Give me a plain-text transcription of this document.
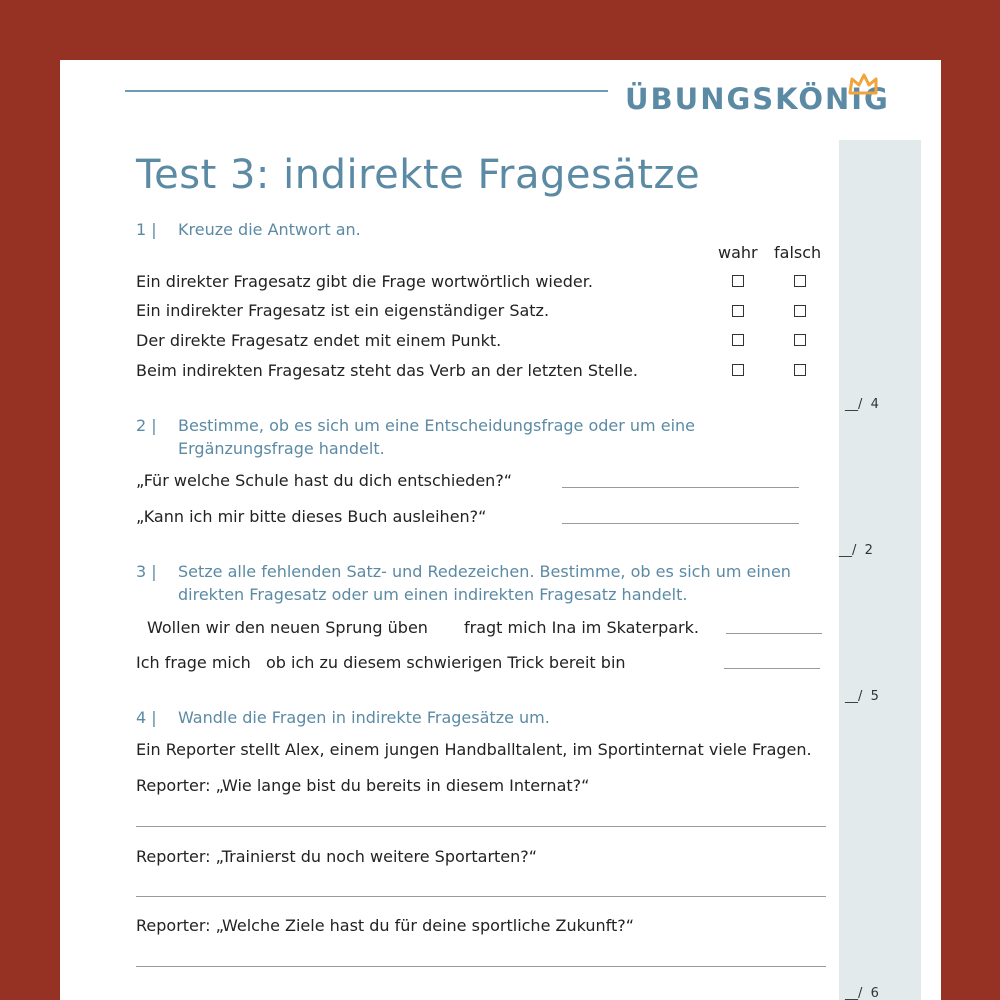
ÜBUNGSKÖNIG
Test 3: indirekte Fragesätze
1 | Kreuze die Antwort an.
wahr falsch
Ein direkter Fragesatz gibt die Frage wortwörtlich wieder.
Ein indirekter Fragesatz ist ein eigenständiger Satz.
Der direkte Fragesatz endet mit einem Punkt.
Beim indirekten Fragesatz steht das Verb an der letzten Stelle.
__/  4
2 | Bestimme, ob es sich um eine Entscheidungsfrage oder um eine Ergänzungsfrage handelt.
„Für welche Schule hast du dich entschieden?“
„Kann ich mir bitte dieses Buch ausleihen?“
__/  2
3 | Setze alle fehlenden Satz- und Redezeichen. Bestimme, ob es sich um einen direkten Fragesatz oder um einen indirekten Fragesatz handelt.
Wollen wir den neuen Sprung üben fragt mich Ina im Skaterpark.
Ich frage mich ob ich zu diesem schwierigen Trick bereit bin
__/  5
4 | Wandle die Fragen in indirekte Fragesätze um.
Ein Reporter stellt Alex, einem jungen Handballtalent, im Sportinternat viele Fragen.
Reporter: „Wie lange bist du bereits in diesem Internat?“
Reporter: „Trainierst du noch weitere Sportarten?“
Reporter: „Welche Ziele hast du für deine sportliche Zukunft?“
__/  6
